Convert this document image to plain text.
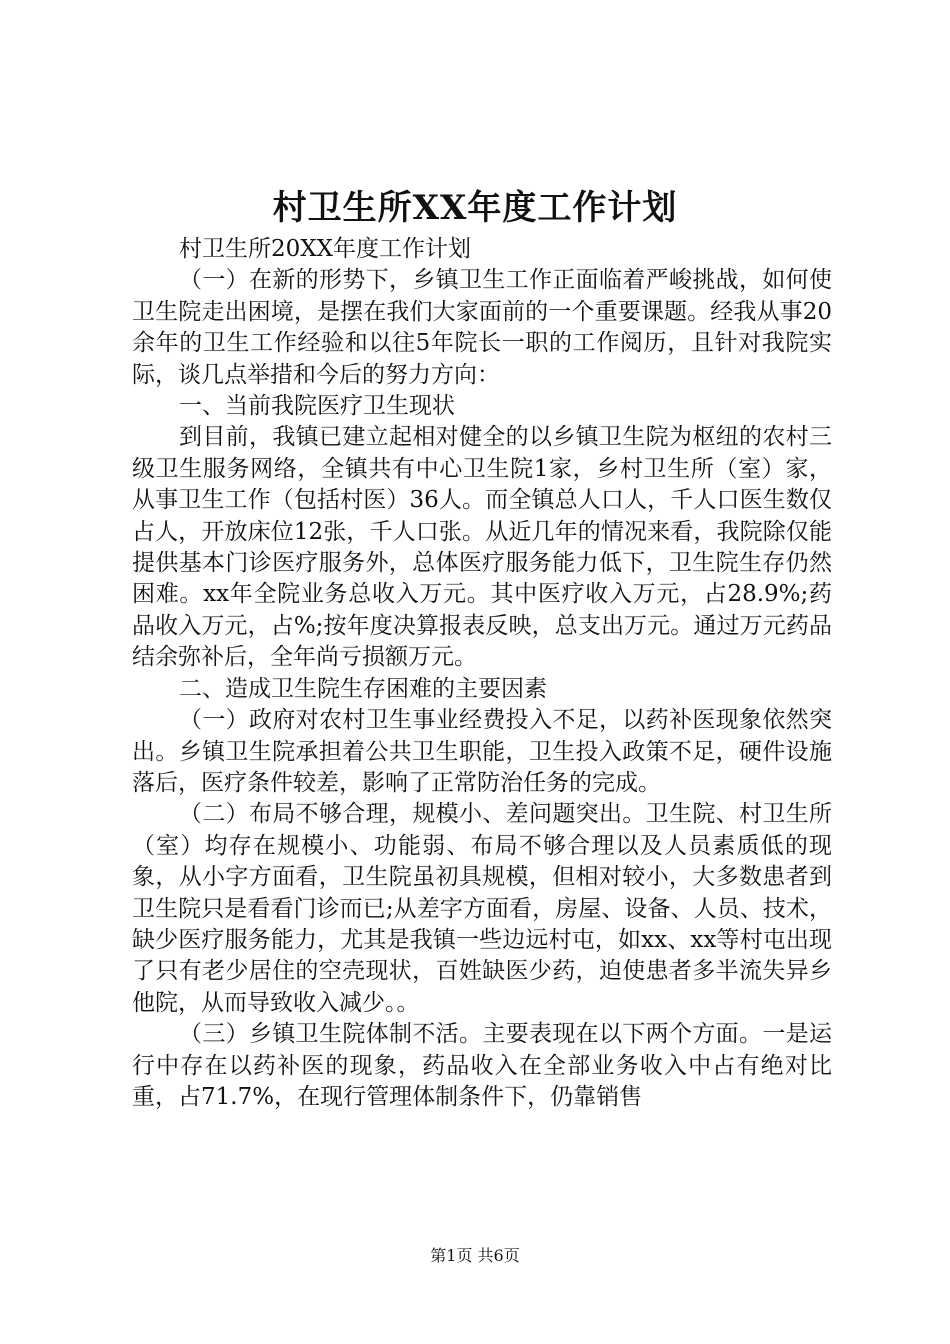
村卫生所XX年度工作计划

村卫生所20XX年度工作计划

（一）在新的形势下，乡镇卫生工作正面临着严峻挑战，如何使卫生院走出困境，是摆在我们大家面前的一个重要课题。经我从事20余年的卫生工作经验和以往5年院长一职的工作阅历，且针对我院实际，谈几点举措和今后的努力方向：

一、当前我院医疗卫生现状

到目前，我镇已建立起相对健全的以乡镇卫生院为枢纽的农村三级卫生服务网络，全镇共有中心卫生院1家，乡村卫生所（室）家，从事卫生工作（包括村医）36人。而全镇总人口人，千人口医生数仅占人，开放床位12张，千人口张。从近几年的情况来看，我院除仅能提供基本门诊医疗服务外，总体医疗服务能力低下，卫生院生存仍然困难。xx年全院业务总收入万元。其中医疗收入万元，占28.9%;药品收入万元，占%;按年度决算报表反映，总支出万元。通过万元药品结余弥补后，全年尚亏损额万元。

二、造成卫生院生存困难的主要因素

（一）政府对农村卫生事业经费投入不足，以药补医现象依然突出。乡镇卫生院承担着公共卫生职能，卫生投入政策不足，硬件设施落后，医疗条件较差，影响了正常防治任务的完成。

（二）布局不够合理，规模小、差问题突出。卫生院、村卫生所（室）均存在规模小、功能弱、布局不够合理以及人员素质低的现象，从小字方面看，卫生院虽初具规模，但相对较小，大多数患者到卫生院只是看看门诊而已;从差字方面看，房屋、设备、人员、技术，缺少医疗服务能力，尤其是我镇一些边远村屯，如xx、xx等村屯出现了只有老少居住的空壳现状，百姓缺医少药，迫使患者多半流失异乡他院，从而导致收入减少。。

（三）乡镇卫生院体制不活。主要表现在以下两个方面。一是运行中存在以药补医的现象，药品收入在全部业务收入中占有绝对比重，占71.7%，在现行管理体制条件下，仍靠销售

第1页 共6页
